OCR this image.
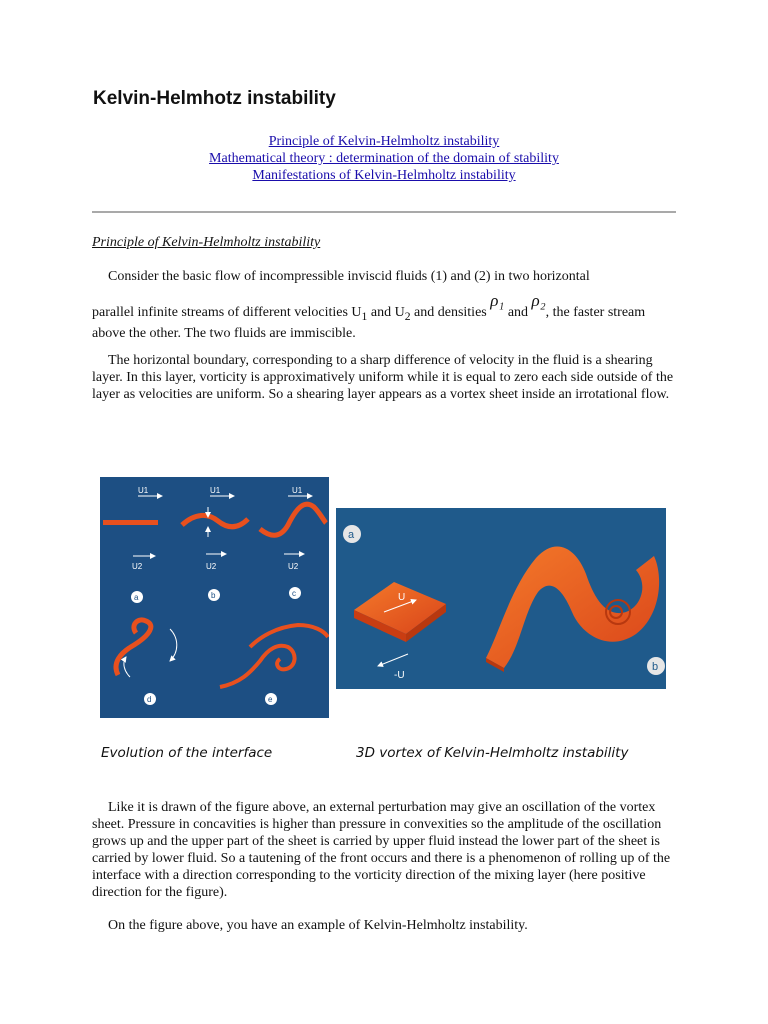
Kelvin-Helmhotz instability
Principle of Kelvin-Helmholtz instability
Mathematical theory : determination of the domain of stability
Manifestations of Kelvin-Helmholtz instability
Principle of Kelvin-Helmholtz instability

Consider the basic flow of incompressible inviscid fluids (1) and (2) in two horizontal

parallel infinite streams of different velocities $U_1$ and $U_2$ and densities ρ₁ and ρ₂, the faster stream above the other. The two fluids are immiscible.

The horizontal boundary, corresponding to a sharp difference of velocity in the fluid is a shearing layer. In this layer, vorticity is approximatively uniform while it is equal to zero each side outside of the layer as velocities are uniform. So a shearing layer appears as a vortex sheet inside an irrotational flow.

U1	U1	U1
U2	U2	U2
a	b	c
d	e
a
U
-U
b
Evolution of the interface	3D vortex of Kelvin-Helmholtz instability

Like it is drawn of the figure above, an external perturbation may give an oscillation of the vortex sheet. Pressure in concavities is higher than pressure in convexities so the amplitude of the oscillation grows up and the upper part of the sheet is carried by upper fluid instead the lower part of the sheet is carried by lower fluid. So a tautening of the front occurs and there is a phenomenon of rolling up of the interface with a direction corresponding to the vorticity direction of the mixing layer (here positive direction for the figure).

On the figure above, you have an example of Kelvin-Helmholtz instability.
